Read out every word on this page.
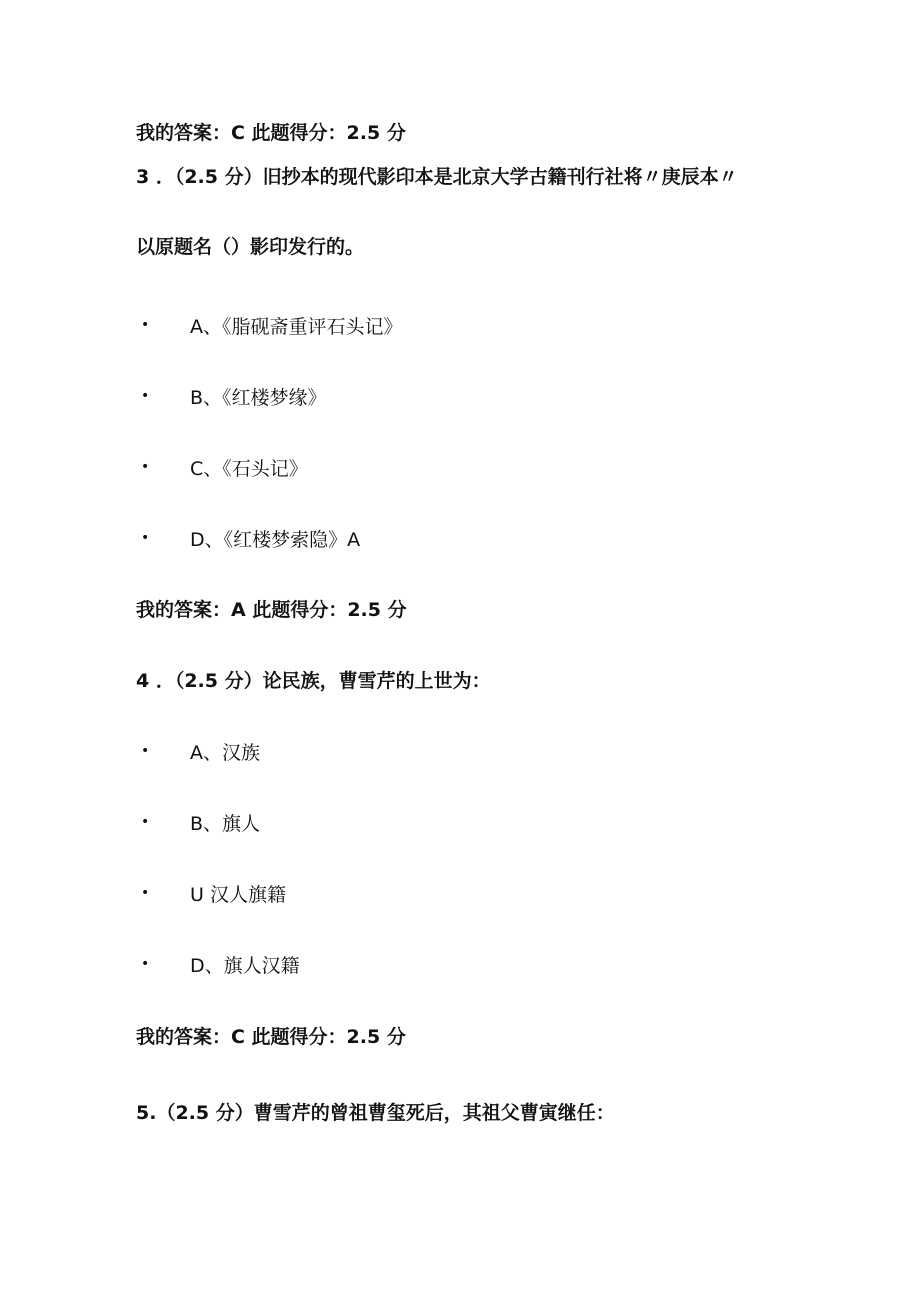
我的答案：C 此题得分：2.5 分
3 ．（2.5 分）旧抄本的现代影印本是北京大学古籍刊行社将〃庚辰本〃
以原题名（）影印发行的。
• A、《脂砚斋重评石头记》
• B、《红楼梦缘》
• C、《石头记》
• D、《红楼梦索隐》A
我的答案：A 此题得分：2.5 分
4 ．（2.5 分）论民族，曹雪芹的上世为：
• A、汉族
• B、旗人
• U 汉人旗籍
• D、旗人汉籍
我的答案：C 此题得分：2.5 分
5.（2.5 分）曹雪芹的曾祖曹玺死后，其祖父曹寅继任：
